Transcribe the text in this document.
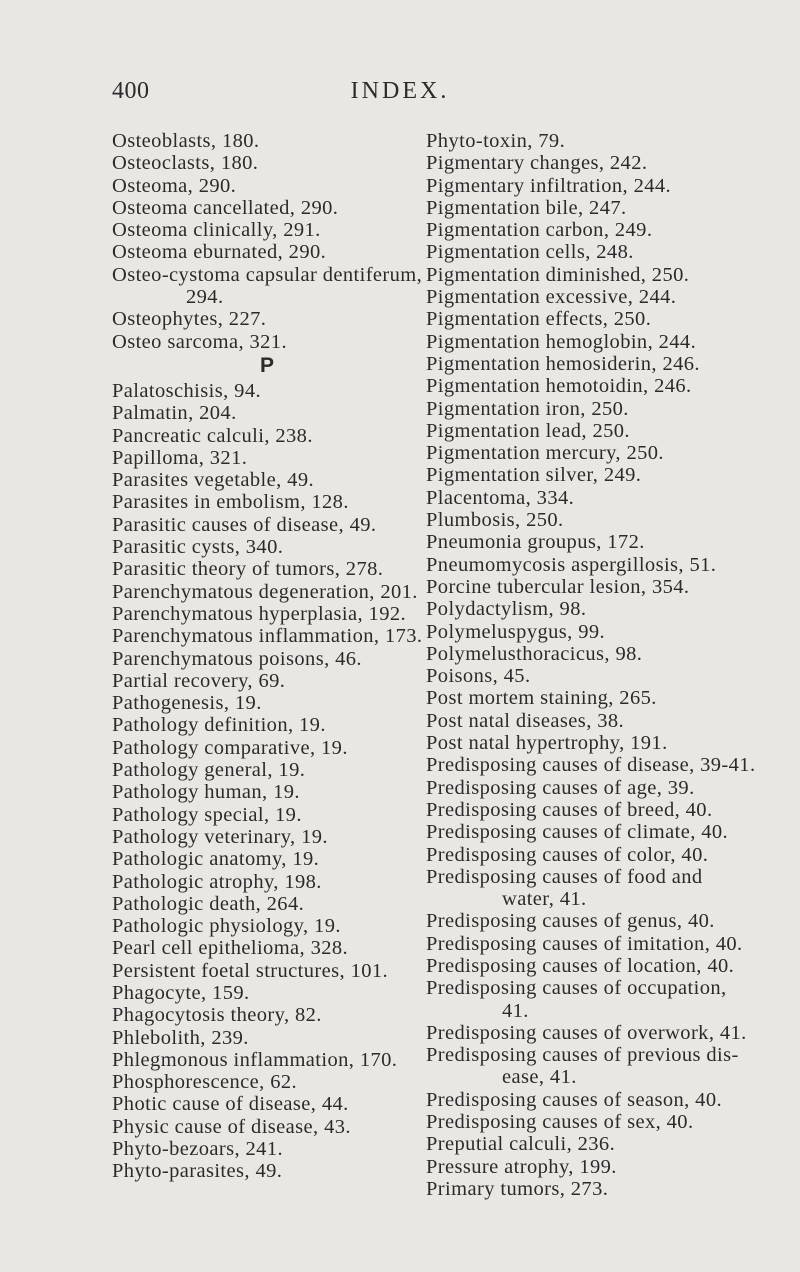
400	INDEX.
Osteoblasts, 180.
Osteoclasts, 180.
Osteoma, 290.
Osteoma cancellated, 290.
Osteoma clinically, 291.
Osteoma eburnated, 290.
Osteo-cystoma capsular dentiferum,
294.
Osteophytes, 227.
Osteo sarcoma, 321.
P
Palatoschisis, 94.
Palmatin, 204.
Pancreatic calculi, 238.
Papilloma, 321.
Parasites vegetable, 49.
Parasites in embolism, 128.
Parasitic causes of disease, 49.
Parasitic cysts, 340.
Parasitic theory of tumors, 278.
Parenchymatous degeneration, 201.
Parenchymatous hyperplasia, 192.
Parenchymatous inflammation, 173.
Parenchymatous poisons, 46.
Partial recovery, 69.
Pathogenesis, 19.
Pathology definition, 19.
Pathology comparative, 19.
Pathology general, 19.
Pathology human, 19.
Pathology special, 19.
Pathology veterinary, 19.
Pathologic anatomy, 19.
Pathologic atrophy, 198.
Pathologic death, 264.
Pathologic physiology, 19.
Pearl cell epithelioma, 328.
Persistent foetal structures, 101.
Phagocyte, 159.
Phagocytosis theory, 82.
Phlebolith, 239.
Phlegmonous inflammation, 170.
Phosphorescence, 62.
Photic cause of disease, 44.
Physic cause of disease, 43.
Phyto-bezoars, 241.
Phyto-parasites, 49.
Phyto-toxin, 79.
Pigmentary changes, 242.
Pigmentary infiltration, 244.
Pigmentation bile, 247.
Pigmentation carbon, 249.
Pigmentation cells, 248.
Pigmentation diminished, 250.
Pigmentation excessive, 244.
Pigmentation effects, 250.
Pigmentation hemoglobin, 244.
Pigmentation hemosiderin, 246.
Pigmentation hemotoidin, 246.
Pigmentation iron, 250.
Pigmentation lead, 250.
Pigmentation mercury, 250.
Pigmentation silver, 249.
Placentoma, 334.
Plumbosis, 250.
Pneumonia groupus, 172.
Pneumomycosis aspergillosis, 51.
Porcine tubercular lesion, 354.
Polydactylism, 98.
Polymeluspygus, 99.
Polymelusthoracicus, 98.
Poisons, 45.
Post mortem staining, 265.
Post natal diseases, 38.
Post natal hypertrophy, 191.
Predisposing causes of disease, 39-41.
Predisposing causes of age, 39.
Predisposing causes of breed, 40.
Predisposing causes of climate, 40.
Predisposing causes of color, 40.
Predisposing causes of food and
water, 41.
Predisposing causes of genus, 40.
Predisposing causes of imitation, 40.
Predisposing causes of location, 40.
Predisposing causes of occupation,
41.
Predisposing causes of overwork, 41.
Predisposing causes of previous dis-
ease, 41.
Predisposing causes of season, 40.
Predisposing causes of sex, 40.
Preputial calculi, 236.
Pressure atrophy, 199.
Primary tumors, 273.
